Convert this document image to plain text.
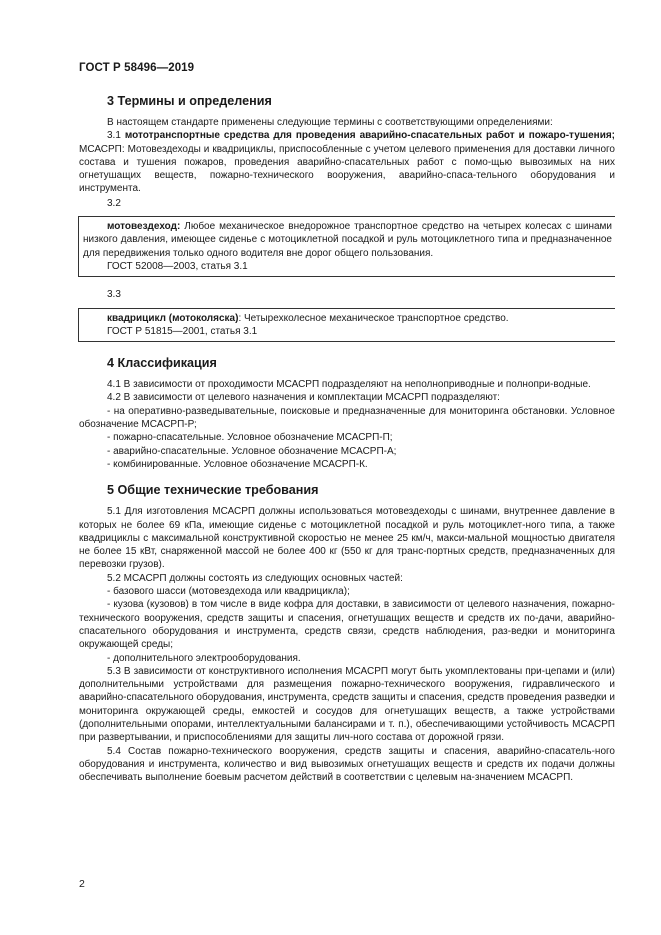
ГОСТ Р 58496—2019
3 Термины и определения

В настоящем стандарте применены следующие термины с соответствующими определениями:

3.1 мототранспортные средства для проведения аварийно-спасательных работ и пожаро-тушения; МСАСРП: Мотовездеходы и квадрициклы, приспособленные с учетом целевого применения для доставки личного состава и тушения пожаров, проведения аварийно-спасательных работ с помо-щью вывозимых на них огнетушащих веществ, пожарно-технического вооружения, аварийно-спаса-тельного оборудования и инструмента.

3.2

мотовездеход: Любое механическое внедорожное транспортное средство на четырех колесах с шинами низкого давления, имеющее сиденье с мотоциклетной посадкой и руль мотоциклетного типа и предназначенное для передвижения только одного водителя вне дорог общего пользования.

ГОСТ 52008—2003, статья 3.1

3.3

квадрицикл (мотоколяска): Четырехколесное механическое транспортное средство.

ГОСТ Р 51815—2001, статья 3.1

4 Классификация

4.1 В зависимости от проходимости МСАСРП подразделяют на неполноприводные и полнопри-водные.

4.2 В зависимости от целевого назначения и комплектации МСАСРП подразделяют:

- на оперативно-разведывательные, поисковые и предназначенные для мониторинга обстановки. Условное обозначение МСАСРП-Р;

- пожарно-спасательные. Условное обозначение МСАСРП-П;

- аварийно-спасательные. Условное обозначение МСАСРП-А;

- комбинированные. Условное обозначение МСАСРП-К.

5 Общие технические требования

5.1 Для изготовления МСАСРП должны использоваться мотовездеходы с шинами, внутреннее давление в которых не более 69 кПа, имеющие сиденье с мотоциклетной посадкой и руль мотоциклет-ного типа, а также квадрициклы с максимальной конструктивной скоростью не менее 25 км/ч, макси-мальной мощностью двигателя не более 15 кВт, снаряженной массой не более 400 кг (550 кг для транс-портных средств, предназначенных для перевозки грузов).

5.2 МСАСРП должны состоять из следующих основных частей:

- базового шасси (мотовездехода или квадрицикла);

- кузова (кузовов) в том числе в виде кофра для доставки, в зависимости от целевого назначения, пожарно-технического вооружения, средств защиты и спасения, огнетушащих веществ и средств их по-дачи, аварийно-спасательного оборудования и инструмента, средств связи, средств наблюдения, раз-ведки и мониторинга окружающей среды;

- дополнительного электрооборудования.

5.3 В зависимости от конструктивного исполнения МСАСРП могут быть укомплектованы при-цепами и (или) дополнительными устройствами для размещения пожарно-технического вооружения, гидравлического и аварийно-спасательного оборудования, инструмента, средств защиты и спасения, средств проведения разведки и мониторинга окружающей среды, емкостей и сосудов для огнетушащих веществ, а также устройствами (дополнительными опорами, интеллектуальными балансирами и т. п.), обеспечивающими устойчивость МСАСРП при развертывании, и приспособлениями для защиты лич-ного состава от дорожной грязи.

5.4 Состав пожарно-технического вооружения, средств защиты и спасения, аварийно-спасатель-ного оборудования и инструмента, количество и вид вывозимых огнетушащих веществ и средств их подачи должны обеспечивать выполнение боевым расчетом действий в соответствии с целевым на-значением МСАСРП.

2
